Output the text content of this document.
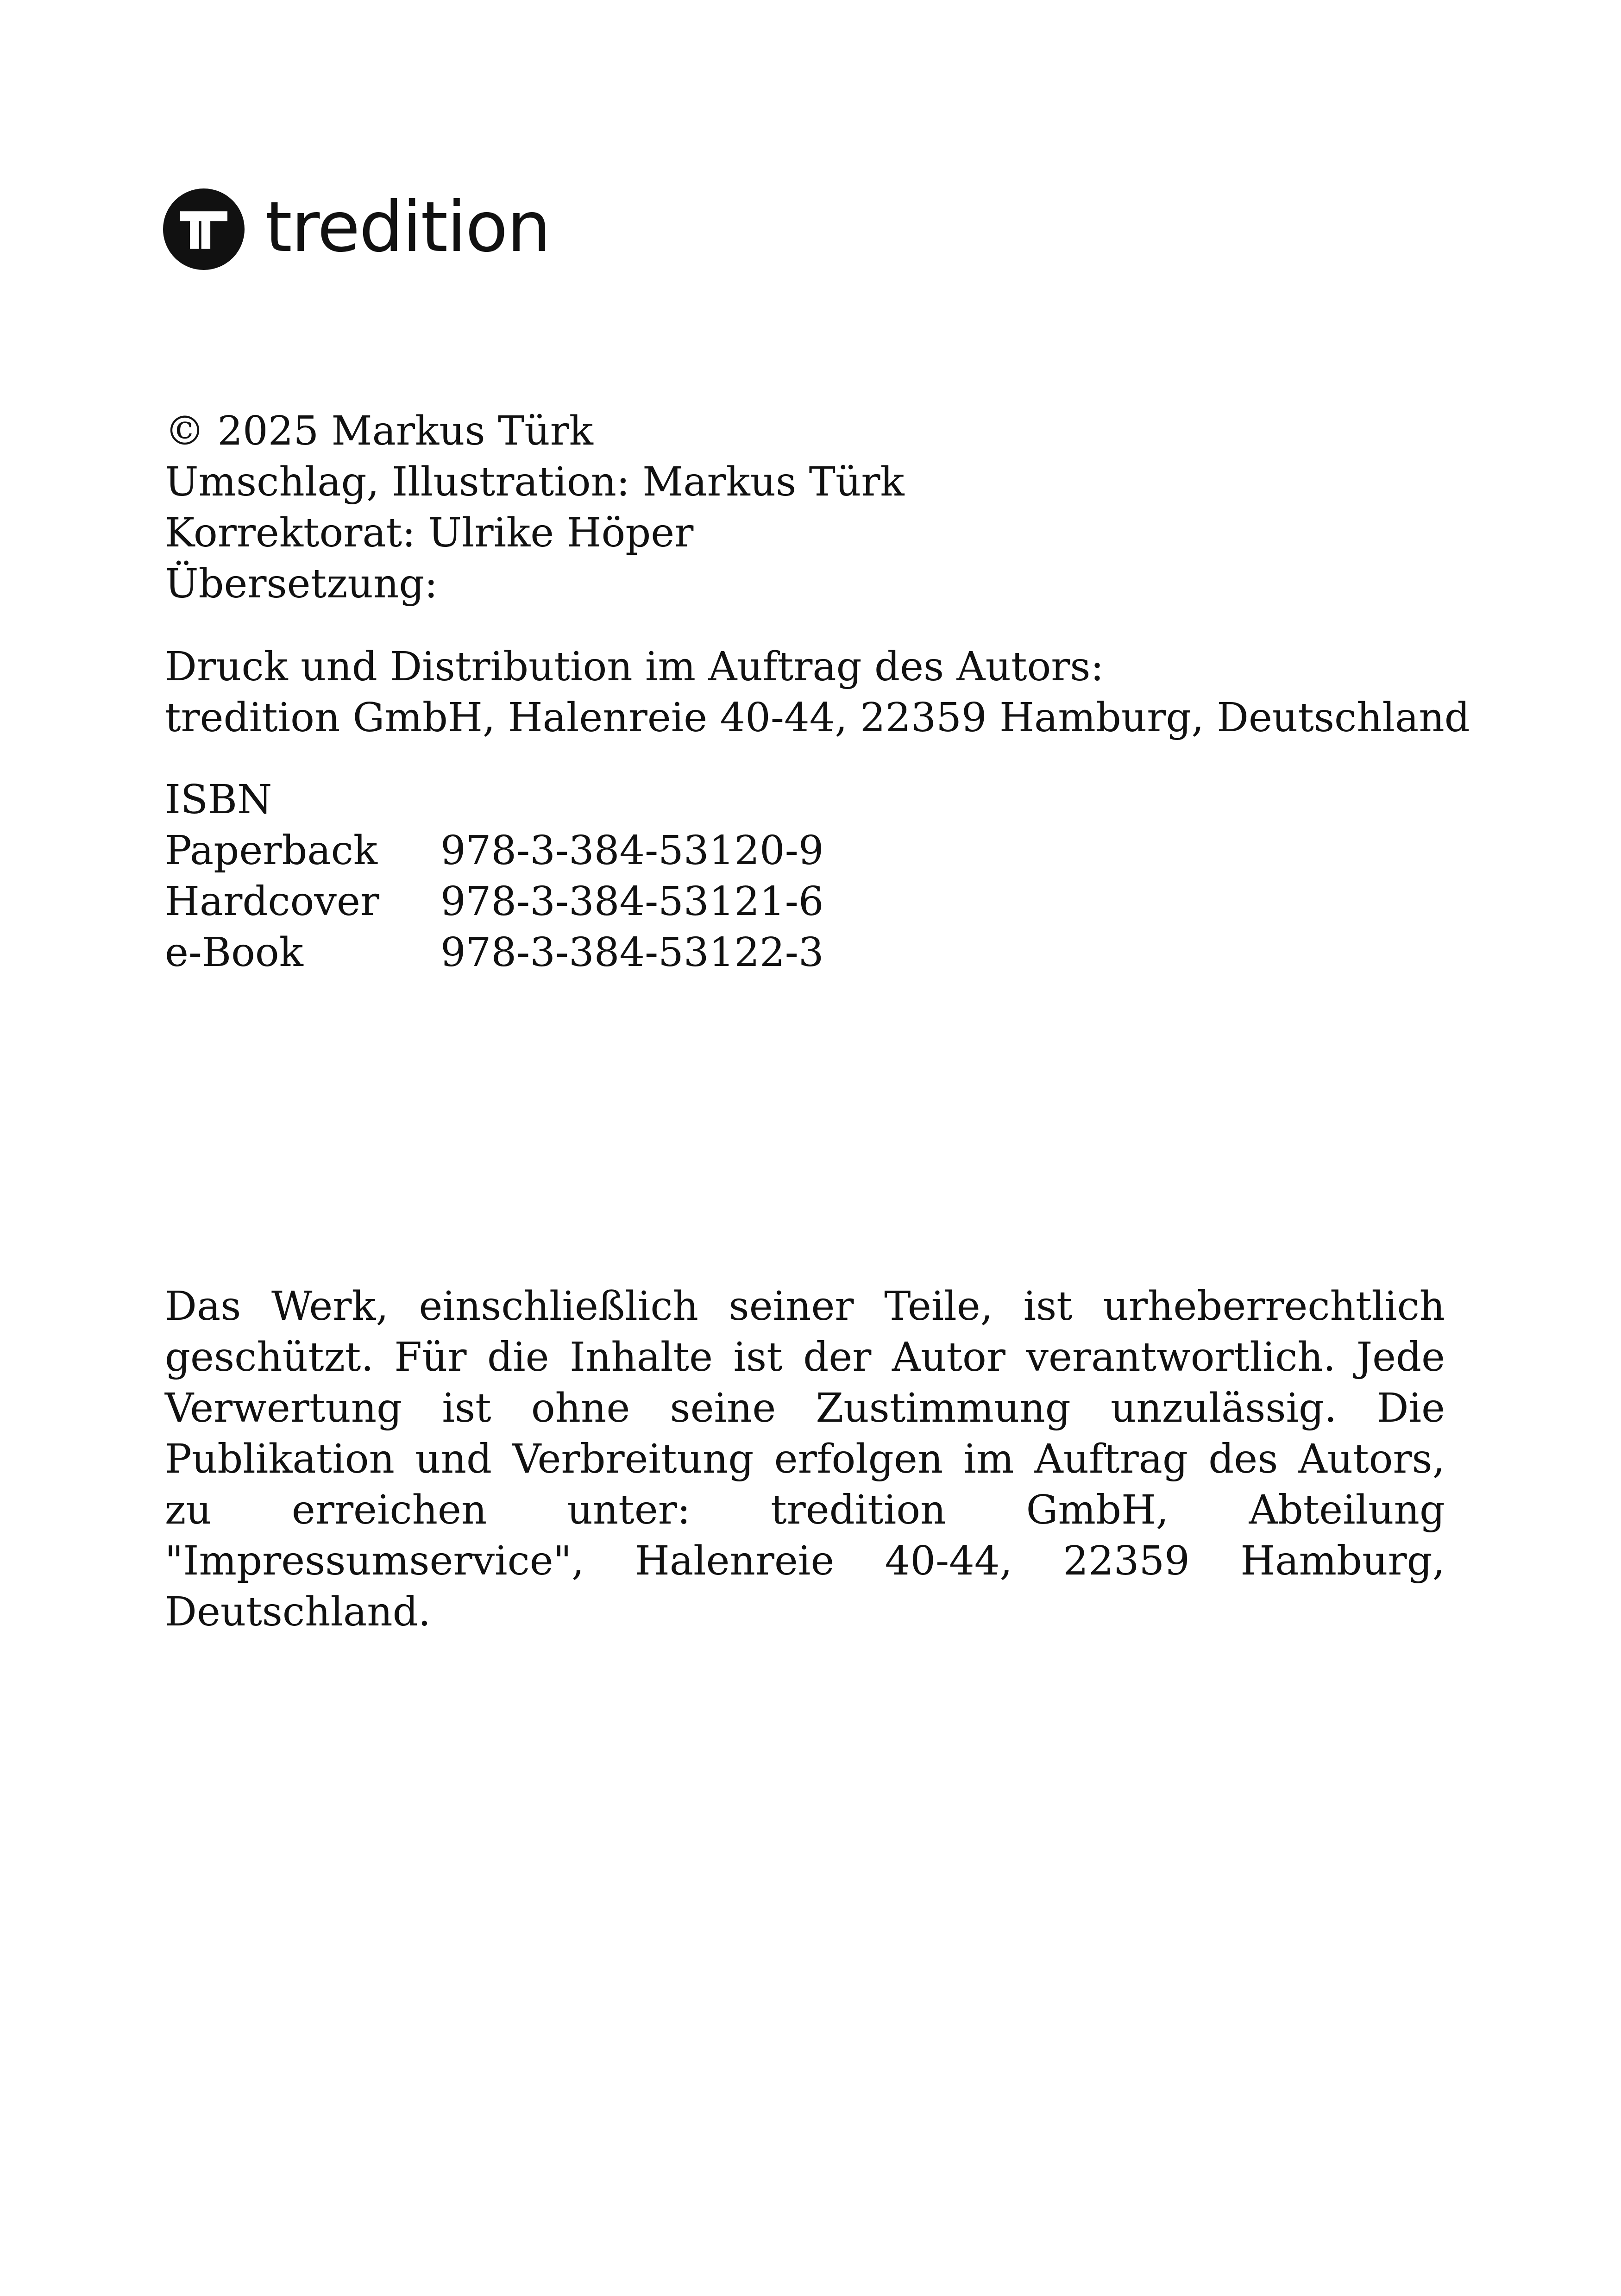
tredition
© 2025 Markus Türk
Umschlag, Illustration: Markus Türk
Korrektorat: Ulrike Höper
Übersetzung:
Druck und Distribution im Auftrag des Autors:
tredition GmbH, Halenreie 40-44, 22359 Hamburg, Deutschland
ISBN
Paperback	978-3-384-53120-9
Hardcover	978-3-384-53121-6
e-Book	978-3-384-53122-3

Das Werk, einschließlich seiner Teile, ist urheberrechtlich geschützt. Für die Inhalte ist der Autor verantwortlich. Jede Verwertung ist ohne seine Zustimmung unzulässig. Die Publikation und Verbreitung erfolgen im Auftrag des Autors, zu erreichen unter: tredition GmbH, Abteilung "Impressumservice", Halenreie 40-44, 22359 Hamburg, Deutschland.
